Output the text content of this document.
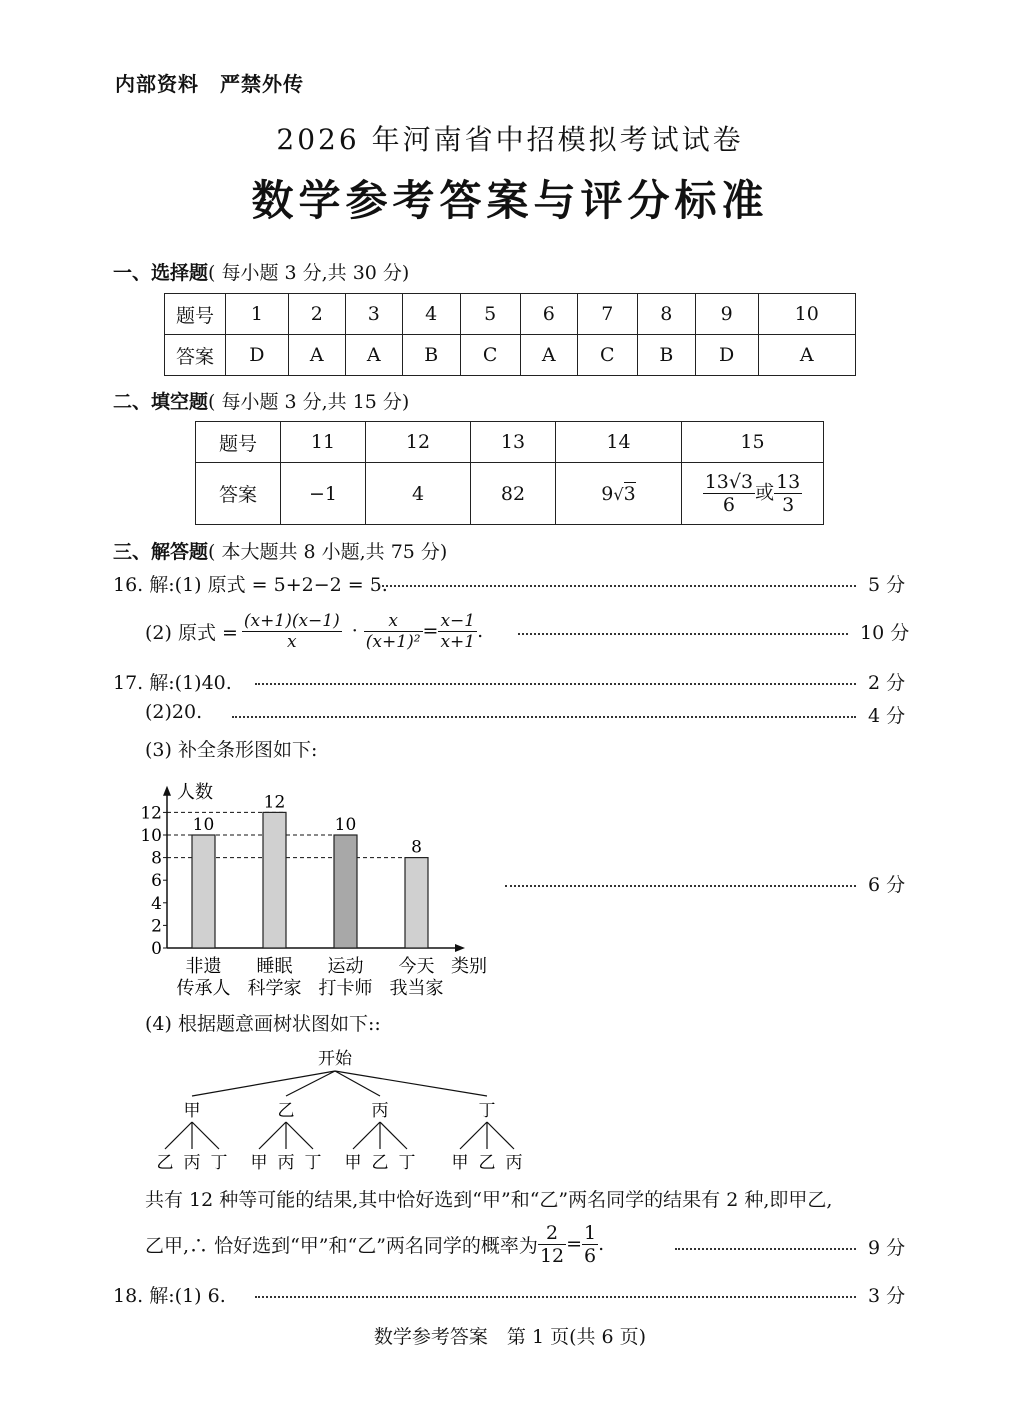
内部资料　严禁外传
2026 年河南省中招模拟考试试卷
数学参考答案与评分标准
一、选择题( 每小题 3 分,共 30 分)
题号	1	2	3	4	5	6	7	8	9	10
答案	D	A	A	B	C	A	C	B	D	A
二、填空题( 每小题 3 分,共 15 分)
题号	11	12	13	14	15
答案	−1	4	82	9√3	$\frac{13√3}{6}$ 或 $\frac{13}{3}$
三、解答题( 本大题共 8 小题,共 75 分)
16. 解:(1) 原式 = 5+2−2 = 5.	5 分
(2) 原式 = $\frac{(x+1)(x-1)}{x} \cdot \frac{x}{\text{(x+1)²}} = \frac{x-1}{x+1}$ .	10 分
17. 解:(1)40.	2 分
(2)20.	4 分
(3) 补全条形图如下:
人数
类别
0
2
4
6
8
10
12
10
非遗
传承人
12
睡眠
科学家
10
运动
打卡师
8
今天
我当家
6 分
(4) 根据题意画树状图如下::
开始
甲
乙 丙 丁
乙
甲 丙 丁
丙
甲 乙 丁
丁
甲 乙 丙
共有 12 种等可能的结果,其中恰好选到“甲”和“乙”两名同学的结果有 2 种,即甲乙,
乙甲,∴ 恰好选到“甲”和“乙”两名同学的概率为 $\frac{2}{12} = \frac{1}{6}$ .	9 分
18. 解:(1) 6.	3 分
数学参考答案　第 1 页(共 6 页)
